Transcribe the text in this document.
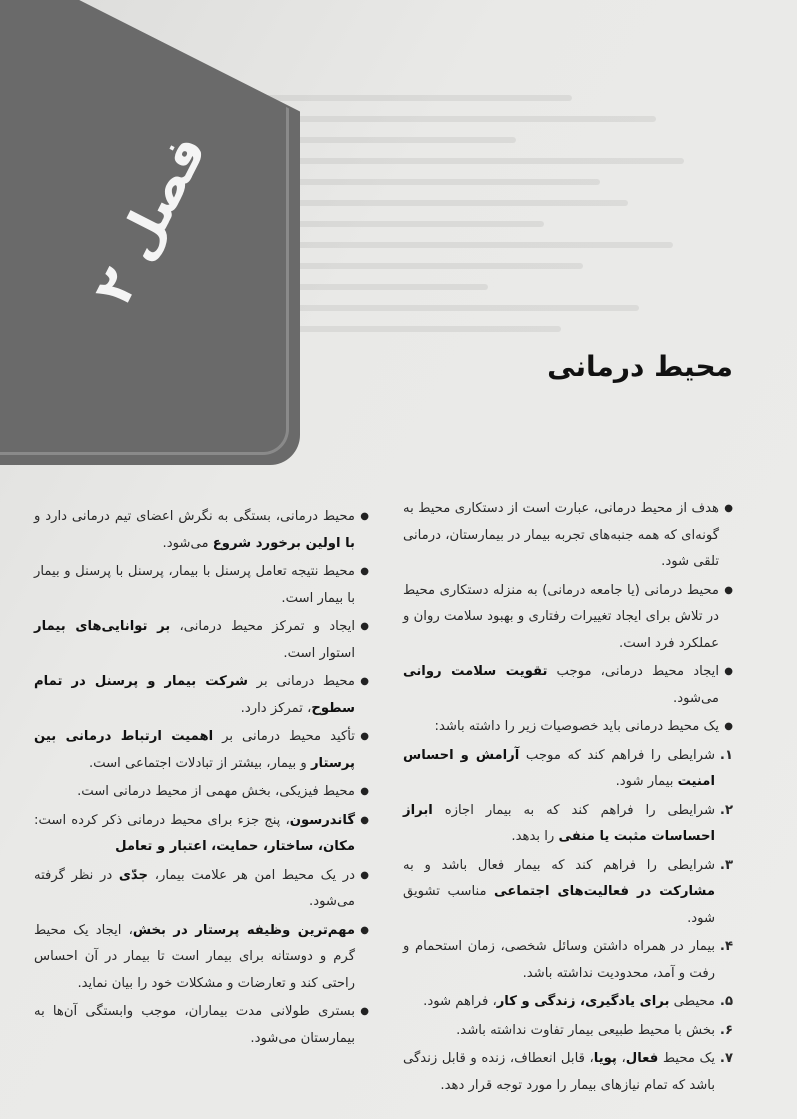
فصل ۲
محیط درمانی
● هدف از محیط درمانی، عبارت است از دستکاری محیط به گونه‌ای که همه جنبه‌های تجربه بیمار در بیمارستان، درمانی تلقی شود.
● محیط درمانی (یا جامعه درمانی) به منزله دستکاری محیط در تلاش برای ایجاد تغییرات رفتاری و بهبود سلامت روان و عملکرد فرد است.
● ایجاد محیط درمانی، موجب تقویت سلامت روانی می‌شود.
● یک محیط درمانی باید خصوصیات زیر را داشته باشد:
۱.
شرایطی را فراهم کند که موجب آرامش و احساس امنیت بیمار شود.
۲.
شرایطی را فراهم کند که به بیمار اجازه ابراز احساسات مثبت یا منفی را بدهد.
۳.
شرایطی را فراهم کند که بیمار فعال باشد و به مشارکت در فعالیت‌های اجتماعی مناسب تشویق شود.
۴.
بیمار در همراه داشتن وسائل شخصی، زمان استحمام و رفت و آمد، محدودیت نداشته باشد.
۵.
محیطی برای یادگیری، زندگی و کار، فراهم شود.
۶.
بخش با محیط طبیعی بیمار تفاوت نداشته باشد.
۷.
یک محیط فعال، پویا، قابل انعطاف، زنده و قابل زندگی باشد که تمام نیازهای بیمار را مورد توجه قرار دهد.
● محیط درمانی، بستگی به نگرش اعضای تیم درمانی دارد و با اولین برخورد شروع می‌شود.
● محیط نتیجه تعامل پرسنل با بیمار، پرسنل با پرسنل و بیمار با بیمار است.
● ایجاد و تمرکز محیط درمانی، بر توانایی‌های بیمار استوار است.
● محیط درمانی بر شرکت بیمار و پرسنل در تمام سطوح، تمرکز دارد.
● تأکید محیط درمانی بر اهمیت ارتباط درمانی بین پرستار و بیمار، بیشتر از تبادلات اجتماعی است.
● محیط فیزیکی، بخش مهمی از محیط درمانی است.
● گاندرسون، پنج جزء برای محیط درمانی ذکر کرده است: مکان، ساختار، حمایت، اعتبار و تعامل
● در یک محیط امن هر علامت بیمار، جدّی در نظر گرفته می‌شود.
● مهم‌ترین وظیفه پرستار در بخش، ایجاد یک محیط گرم و دوستانه برای بیمار است تا بیمار در آن احساس راحتی کند و تعارضات و مشکلات خود را بیان نماید.
● بستری طولانی مدت بیماران، موجب وابستگی آن‌ها به بیمارستان می‌شود.
